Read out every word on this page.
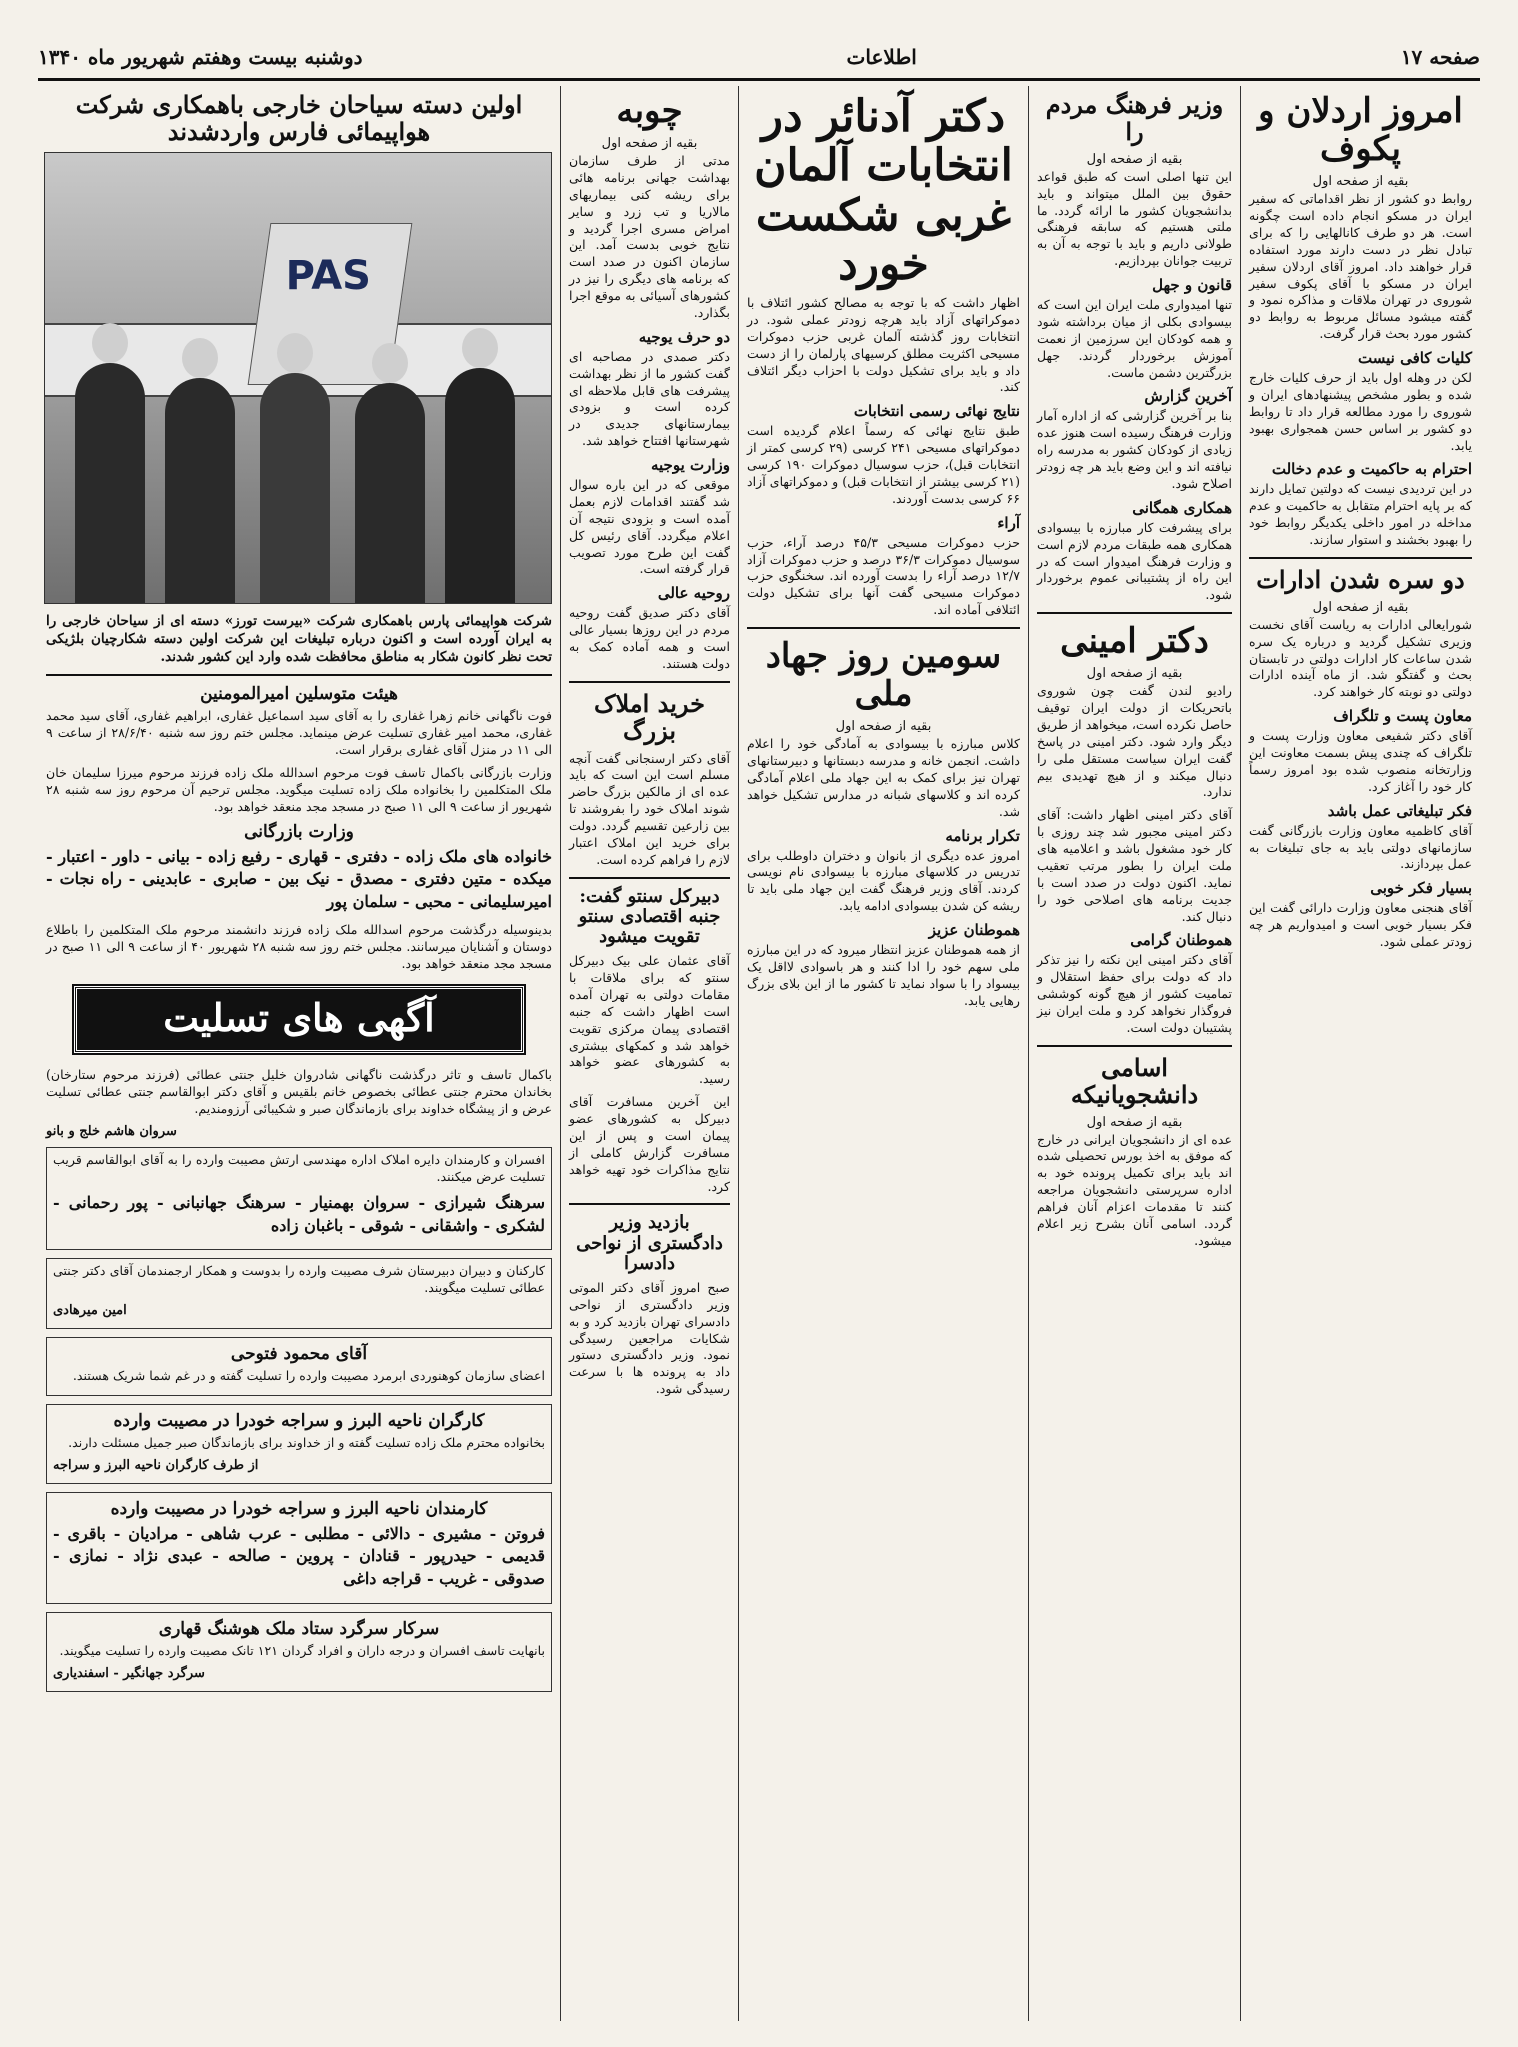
صفحه ۱۷
اطلاعات
دوشنبه بیست وهفتم شهریور ماه ۱۳۴۰
امروز اردلان و پکوف
بقیه از صفحه اول

روابط دو کشور از نظر اقداماتی که سفیر ایران در مسکو انجام داده است چگونه است. هر دو طرف کانالهایی را که برای تبادل نظر در دست دارند مورد استفاده قرار خواهند داد. امروز آقای اردلان سفیر ایران در مسکو با آقای پکوف سفیر شوروی در تهران ملاقات و مذاکره نمود و گفته میشود مسائل مربوط به روابط دو کشور مورد بحث قرار گرفت.

کلیات کافی نیست

لکن در وهله اول باید از حرف کلیات خارج شده و بطور مشخص پیشنهادهای ایران و شوروی را مورد مطالعه قرار داد تا روابط دو کشور بر اساس حسن همجواری بهبود یابد.

احترام به حاکمیت و عدم دخالت

در این تردیدی نیست که دولتین تمایل دارند که بر پایه احترام متقابل به حاکمیت و عدم مداخله در امور داخلی یکدیگر روابط خود را بهبود بخشند و استوار سازند.

دو سره شدن ادارات
بقیه از صفحه اول

شورایعالی ادارات به ریاست آقای نخست وزیری تشکیل گردید و درباره یک سره شدن ساعات کار ادارات دولتی در تابستان بحث و گفتگو شد. از ماه آینده ادارات دولتی دو نوبته کار خواهند کرد.

معاون پست و تلگراف

آقای دکتر شفیعی معاون وزارت پست و تلگراف که چندی پیش بسمت معاونت این وزارتخانه منصوب شده بود امروز رسماً کار خود را آغاز کرد.

فکر تبلیغاتی عمل باشد

آقای کاظمیه معاون وزارت بازرگانی گفت سازمانهای دولتی باید به جای تبلیغات به عمل بپردازند.

بسیار فکر خوبی

آقای هنجنی معاون وزارت دارائی گفت این فکر بسیار خوبی است و امیدواریم هر چه زودتر عملی شود.

وزیر فرهنگ مردم را
بقیه از صفحه اول

این تنها اصلی است که طبق قواعد حقوق بین الملل میتواند و باید بدانشجویان کشور ما ارائه گردد. ما ملتی هستیم که سابقه فرهنگی طولانی داریم و باید با توجه به آن به تربیت جوانان بپردازیم.

قانون و جهل

تنها امیدواری ملت ایران این است که بیسوادی بکلی از میان برداشته شود و همه کودکان این سرزمین از نعمت آموزش برخوردار گردند. جهل بزرگترین دشمن ماست.

آخرین گزارش

بنا بر آخرین گزارشی که از اداره آمار وزارت فرهنگ رسیده است هنوز عده زیادی از کودکان کشور به مدرسه راه نیافته اند و این وضع باید هر چه زودتر اصلاح شود.

همکاری همگانی

برای پیشرفت کار مبارزه با بیسوادی همکاری همه طبقات مردم لازم است و وزارت فرهنگ امیدوار است که در این راه از پشتیبانی عموم برخوردار شود.

دکتر امینی
بقیه از صفحه اول

رادیو لندن گفت چون شوروی باتحریکات از دولت ایران توقیف حاصل نکرده است، میخواهد از طریق دیگر وارد شود. دکتر امینی در پاسخ گفت ایران سیاست مستقل ملی را دنبال میکند و از هیچ تهدیدی بیم ندارد.

آقای دکتر امینی اظهار داشت: آقای دکتر امینی مجبور شد چند روزی با کار خود مشغول باشد و اعلامیه های ملت ایران را بطور مرتب تعقیب نماید. اکنون دولت در صدد است با جدیت برنامه های اصلاحی خود را دنبال کند.

هموطنان گرامی

آقای دکتر امینی این نکته را نیز تذکر داد که دولت برای حفظ استقلال و تمامیت کشور از هیچ گونه کوششی فروگذار نخواهد کرد و ملت ایران نیز پشتیبان دولت است.

اسامی دانشجویانیکه
بقیه از صفحه اول

عده ای از دانشجویان ایرانی در خارج که موفق به اخذ بورس تحصیلی شده اند باید برای تکمیل پرونده خود به اداره سرپرستی دانشجویان مراجعه کنند تا مقدمات اعزام آنان فراهم گردد. اسامی آنان بشرح زیر اعلام میشود.

دکتر آدنائر در انتخابات آلمان غربی شکست خورد

اظهار داشت که با توجه به مصالح کشور ائتلاف با دموکراتهای آزاد باید هرچه زودتر عملی شود. در انتخابات روز گذشته آلمان غربی حزب دموکرات مسیحی اکثریت مطلق کرسیهای پارلمان را از دست داد و باید برای تشکیل دولت با احزاب دیگر ائتلاف کند.

نتایج نهائی رسمی انتخابات

طبق نتایج نهائی که رسماً اعلام گردیده است دموکراتهای مسیحی ۲۴۱ کرسی (۲۹ کرسی کمتر از انتخابات قبل)، حزب سوسیال دموکرات ۱۹۰ کرسی (۲۱ کرسی بیشتر از انتخابات قبل) و دموکراتهای آزاد ۶۶ کرسی بدست آوردند.

آراء

حزب دموکرات مسیحی ۴۵/۳ درصد آراء، حزب سوسیال دموکرات ۳۶/۳ درصد و حزب دموکرات آزاد ۱۲/۷ درصد آراء را بدست آورده اند. سخنگوی حزب دموکرات مسیحی گفت آنها برای تشکیل دولت ائتلافی آماده اند.

سومین روز جهاد ملی
بقیه از صفحه اول

کلاس مبارزه با بیسوادی به آمادگی خود را اعلام داشت. انجمن خانه و مدرسه دبستانها و دبیرستانهای تهران نیز برای کمک به این جهاد ملی اعلام آمادگی کرده اند و کلاسهای شبانه در مدارس تشکیل خواهد شد.

تکرار برنامه

امروز عده دیگری از بانوان و دختران داوطلب برای تدریس در کلاسهای مبارزه با بیسوادی نام نویسی کردند. آقای وزیر فرهنگ گفت این جهاد ملی باید تا ریشه کن شدن بیسوادی ادامه یابد.

هموطنان عزیز

از همه هموطنان عزیز انتظار میرود که در این مبارزه ملی سهم خود را ادا کنند و هر باسوادی لااقل یک بیسواد را با سواد نماید تا کشور ما از این بلای بزرگ رهایی یابد.

چوبه
بقیه از صفحه اول

مدتی از طرف سازمان بهداشت جهانی برنامه هائی برای ریشه کنی بیماریهای مالاریا و تب زرد و سایر امراض مسری اجرا گردید و نتایج خوبی بدست آمد. این سازمان اکنون در صدد است که برنامه های دیگری را نیز در کشورهای آسیائی به موقع اجرا بگذارد.

دو حرف یوجیه

دکتر صمدی در مصاحبه ای گفت کشور ما از نظر بهداشت پیشرفت های قابل ملاحظه ای کرده است و بزودی بیمارستانهای جدیدی در شهرستانها افتتاح خواهد شد.

وزارت یوجیه

موقعی که در این باره سوال شد گفتند اقدامات لازم بعمل آمده است و بزودی نتیجه آن اعلام میگردد. آقای رئیس کل گفت این طرح مورد تصویب قرار گرفته است.

روحیه عالی

آقای دکتر صدیق گفت روحیه مردم در این روزها بسیار عالی است و همه آماده کمک به دولت هستند.

خرید املاک بزرگ

آقای دکتر ارسنجانی گفت آنچه مسلم است این است که باید عده ای از مالکین بزرگ حاضر شوند املاک خود را بفروشند تا بین زارعین تقسیم گردد. دولت برای خرید این املاک اعتبار لازم را فراهم کرده است.

دبیرکل سنتو گفت: جنبه اقتصادی سنتو تقویت میشود

آقای عثمان علی بیک دبیرکل سنتو که برای ملاقات با مقامات دولتی به تهران آمده است اظهار داشت که جنبه اقتصادی پیمان مرکزی تقویت خواهد شد و کمکهای بیشتری به کشورهای عضو خواهد رسید.

این آخرین مسافرت آقای دبیرکل به کشورهای عضو پیمان است و پس از این مسافرت گزارش کاملی از نتایج مذاکرات خود تهیه خواهد کرد.

بازدید وزیر دادگستری از نواحی دادسرا

صبح امروز آقای دکتر الموتی وزیر دادگستری از نواحی دادسرای تهران بازدید کرد و به شکایات مراجعین رسیدگی نمود. وزیر دادگستری دستور داد به پرونده ها با سرعت رسیدگی شود.

اولین دسته سیاحان خارجی باهمکاری شرکت هواپیمائی فارس واردشدند
PAS
شرکت هواپیمائی پارس باهمکاری شرکت «بیرست تورز» دسته ای از سیاحان خارجی را به ایران آورده است و اکنون درباره تبلیغات این شرکت اولین دسته شکارچیان بلژیکی تحت نظر کانون شکار به مناطق محافظت شده وارد این کشور شدند.
هیئت متوسلین امیرالمومنین

فوت ناگهانی خانم زهرا غفاری را به آقای سید اسماعیل غفاری، ابراهیم غفاری، آقای سید محمد غفاری، محمد امیر غفاری تسلیت عرض مینماید. مجلس ختم روز سه شنبه ۲۸/۶/۴۰ از ساعت ۹ الی ۱۱ در منزل آقای غفاری برقرار است.

وزارت بازرگانی باکمال تاسف فوت مرحوم اسدالله ملک زاده فرزند مرحوم میرزا سلیمان خان ملک المتکلمین را بخانواده ملک زاده تسلیت میگوید. مجلس ترحیم آن مرحوم روز سه شنبه ۲۸ شهریور از ساعت ۹ الی ۱۱ صبح در مسجد مجد منعقد خواهد بود.

وزارت بازرگانی
خانواده های ملک زاده - دفتری - قهاری - رفیع زاده - بیانی - داور - اعتبار - میکده - متین دفتری - مصدق - نیک بین - صابری - عابدینی - راه نجات - امیرسلیمانی - محبی - سلمان پور

بدینوسیله درگذشت مرحوم اسدالله ملک زاده فرزند دانشمند مرحوم ملک المتکلمین را باطلاع دوستان و آشنایان میرسانند. مجلس ختم روز سه شنبه ۲۸ شهریور ۴۰ از ساعت ۹ الی ۱۱ صبح در مسجد مجد منعقد خواهد بود.

آگهی های تسلیت

باکمال تاسف و تاثر درگذشت ناگهانی شادروان خلیل جنتی عطائی (فرزند مرحوم ستارخان) بخاندان محترم جنتی عطائی بخصوص خانم بلقیس و آقای دکتر ابوالقاسم جنتی عطائی تسلیت عرض و از پیشگاه خداوند برای بازماندگان صبر و شکیبائی آرزومندیم.

سروان هاشم خلج و بانو

افسران و کارمندان دایره املاک اداره مهندسی ارتش مصیبت وارده را به آقای ابوالقاسم قریب تسلیت عرض میکنند.

سرهنگ شیرازی - سروان بهمنیار - سرهنگ جهانبانی - پور رحمانی - لشکری - واشقانی - شوقی - باغبان زاده

کارکنان و دبیران دبیرستان شرف مصیبت وارده را بدوست و همکار ارجمندمان آقای دکتر جنتی عطائی تسلیت میگویند.

امین میرهادی
آقای محمود فتوحی

اعضای سازمان کوهنوردی ابرمرد مصیبت وارده را تسلیت گفته و در غم شما شریک هستند.

کارگران ناحیه البرز و سراجه خودرا در مصیبت وارده

بخانواده محترم ملک زاده تسلیت گفته و از خداوند برای بازماندگان صبر جمیل مسئلت دارند.

از طرف کارگران ناحیه البرز و سراجه
کارمندان ناحیه البرز و سراجه خودرا در مصیبت وارده
فروتن - مشیری - دالائی - مطلبی - عرب شاهی - مرادیان - باقری - قدیمی - حیدرپور - قنادان - پروین - صالحه - عبدی نژاد - نمازی - صدوقی - غریب - قراجه داغی
سرکار سرگرد ستاد ملک هوشنگ قهاری

بانهایت تاسف افسران و درجه داران و افراد گردان ۱۲۱ تانک مصیبت وارده را تسلیت میگویند.

سرگرد جهانگیر - اسفندیاری
